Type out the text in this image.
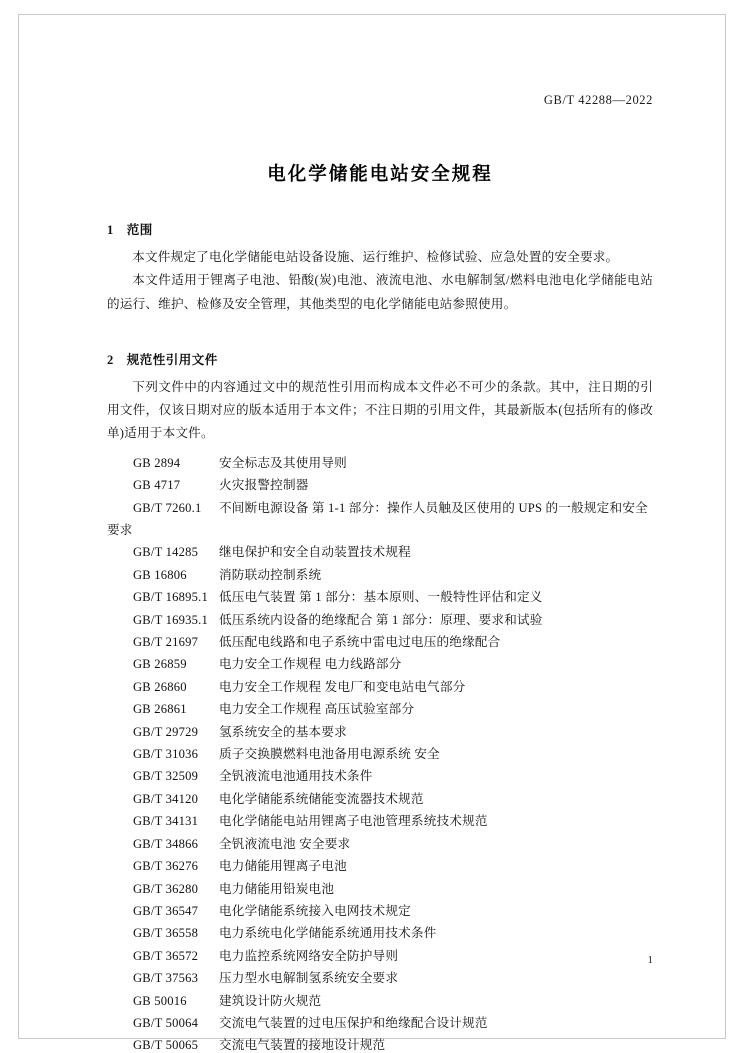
GB/T 42288—2022
电化学储能电站安全规程
1 范围
本文件规定了电化学储能电站设备设施、运行维护、检修试验、应急处置的安全要求。
本文件适用于锂离子电池、铅酸(炭)电池、液流电池、水电解制氢/燃料电池电化学储能电站的运行、维护、检修及安全管理，其他类型的电化学储能电站参照使用。
2 规范性引用文件
下列文件中的内容通过文中的规范性引用而构成本文件必不可少的条款。其中，注日期的引用文件，仅该日期对应的版本适用于本文件；不注日期的引用文件，其最新版本(包括所有的修改单)适用于本文件。
GB 2894	安全标志及其使用导则
GB 4717	火灾报警控制器
GB/T 7260.1 不间断电源设备 第 1-1 部分：操作人员触及区使用的 UPS 的一般规定和安全
要求
GB/T 14285 继电保护和安全自动装置技术规程
GB 16806	消防联动控制系统
GB/T 16895.1 低压电气装置 第 1 部分：基本原则、一般特性评估和定义
GB/T 16935.1 低压系统内设备的绝缘配合 第 1 部分：原理、要求和试验
GB/T 21697 低压配电线路和电子系统中雷电过电压的绝缘配合
GB 26859	电力安全工作规程 电力线路部分
GB 26860	电力安全工作规程 发电厂和变电站电气部分
GB 26861	电力安全工作规程 高压试验室部分
GB/T 29729 氢系统安全的基本要求
GB/T 31036 质子交换膜燃料电池备用电源系统 安全
GB/T 32509 全钒液流电池通用技术条件
GB/T 34120 电化学储能系统储能变流器技术规范
GB/T 34131 电化学储能电站用锂离子电池管理系统技术规范
GB/T 34866 全钒液流电池 安全要求
GB/T 36276 电力储能用锂离子电池
GB/T 36280 电力储能用铅炭电池
GB/T 36547 电化学储能系统接入电网技术规定
GB/T 36558 电力系统电化学储能系统通用技术条件
GB/T 36572 电力监控系统网络安全防护导则
GB/T 37563 压力型水电解制氢系统安全要求
GB 50016	建筑设计防火规范
GB/T 50064 交流电气装置的过电压保护和绝缘配合设计规范
GB/T 50065 交流电气装置的接地设计规范
1
